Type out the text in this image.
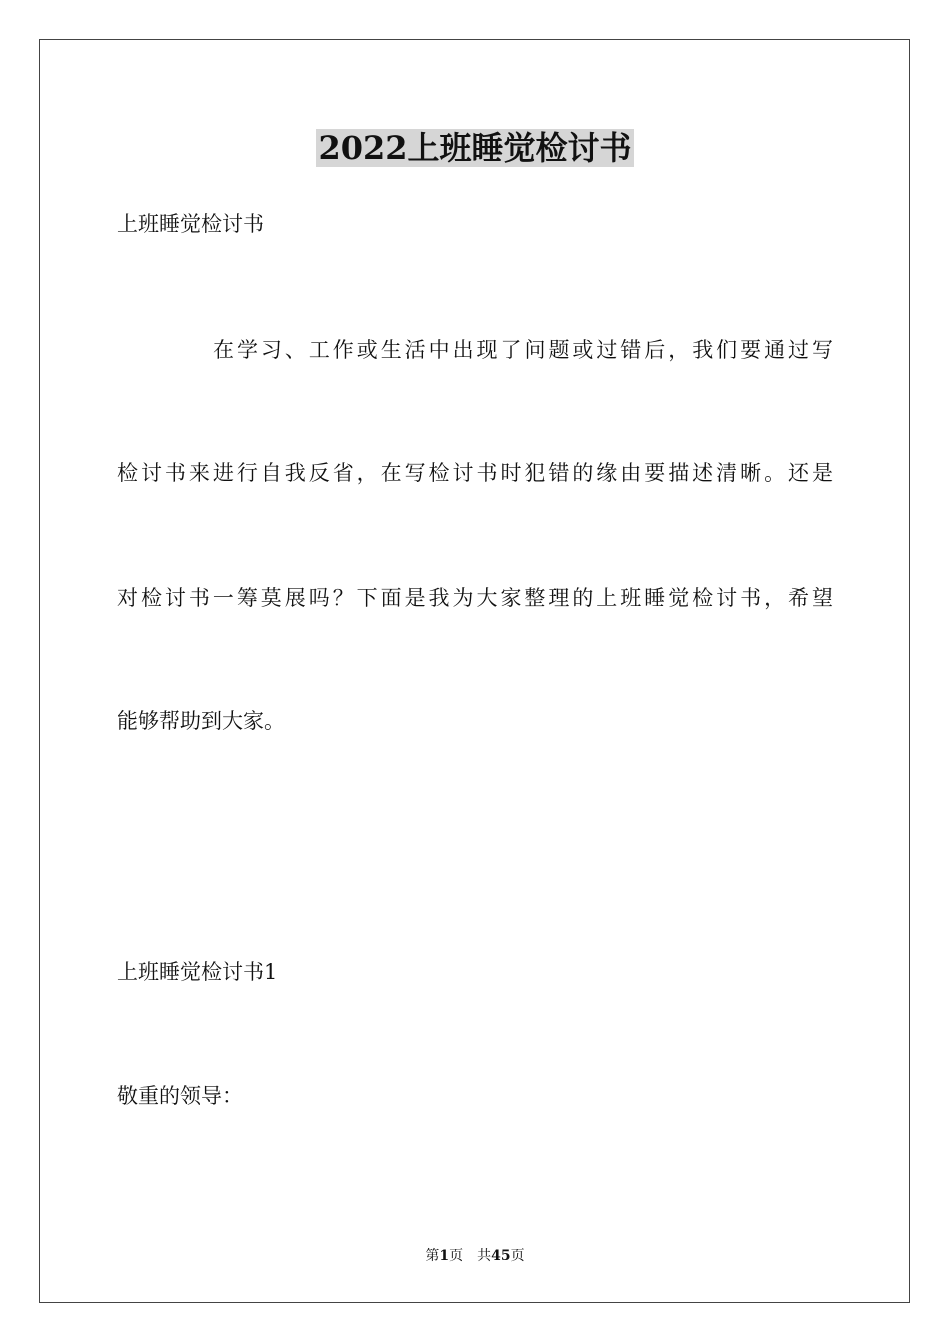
2022上班睡觉检讨书
上班睡觉检讨书
在学习、工作或生活中出现了问题或过错后，我们要通过写
检讨书来进行自我反省，在写检讨书时犯错的缘由要描述清晰。还是
对检讨书一筹莫展吗？下面是我为大家整理的上班睡觉检讨书，希望
能够帮助到大家。
上班睡觉检讨书1
敬重的领导：
第1页　共45页
